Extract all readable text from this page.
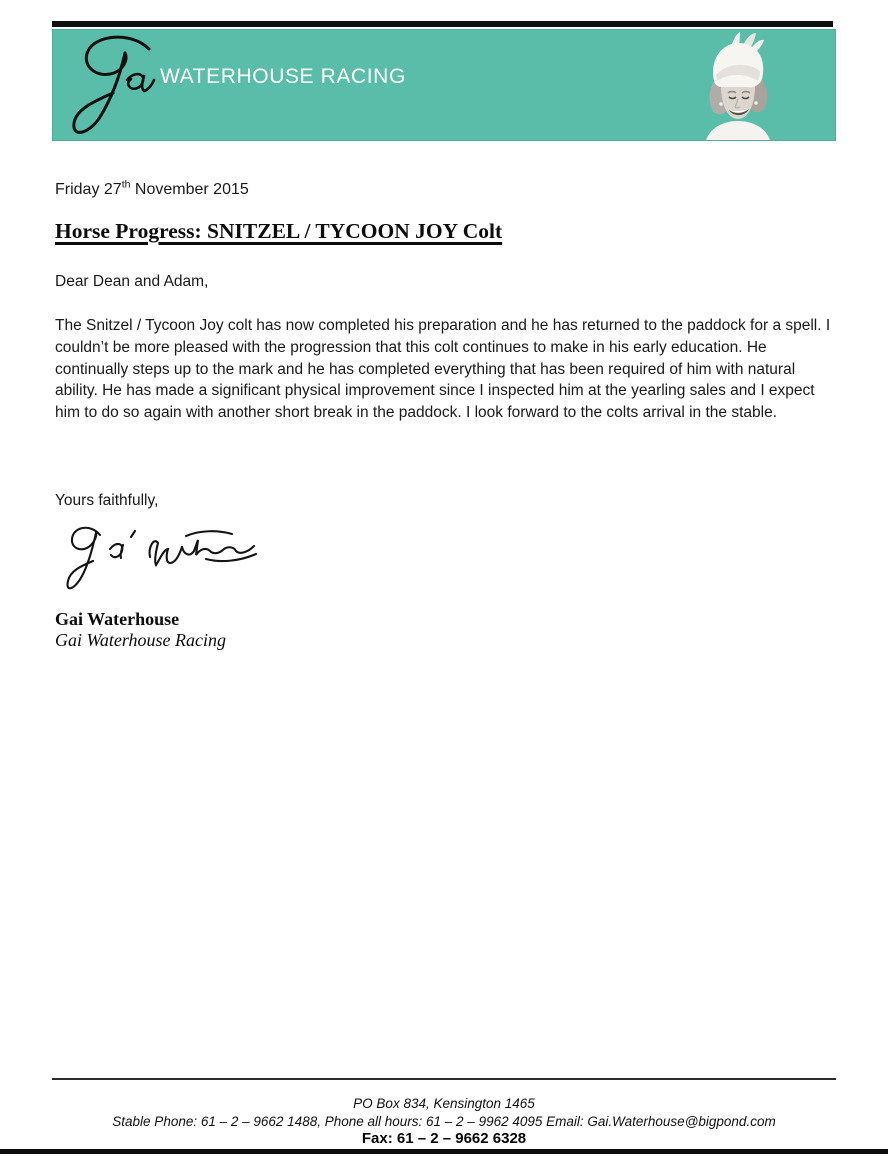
WATERHOUSE RACING
Friday 27th November 2015
Horse Progress: SNITZEL / TYCOON JOY Colt
Dear Dean and Adam,
The Snitzel / Tycoon Joy colt has now completed his preparation and he has returned to the paddock for a spell. I couldn’t be more pleased with the progression that this colt continues to make in his early education. He continually steps up to the mark and he has completed everything that has been required of him with natural ability. He has made a significant physical improvement since I inspected him at the yearling sales and I expect him to do so again with another short break in the paddock. I look forward to the colts arrival in the stable.
Yours faithfully,
Gai Waterhouse
Gai Waterhouse Racing
PO Box 834, Kensington 1465
Stable Phone: 61 – 2 – 9662 1488, Phone all hours: 61 – 2 – 9962 4095 Email: Gai.Waterhouse@bigpond.com
Fax: 61 – 2 – 9662 6328
